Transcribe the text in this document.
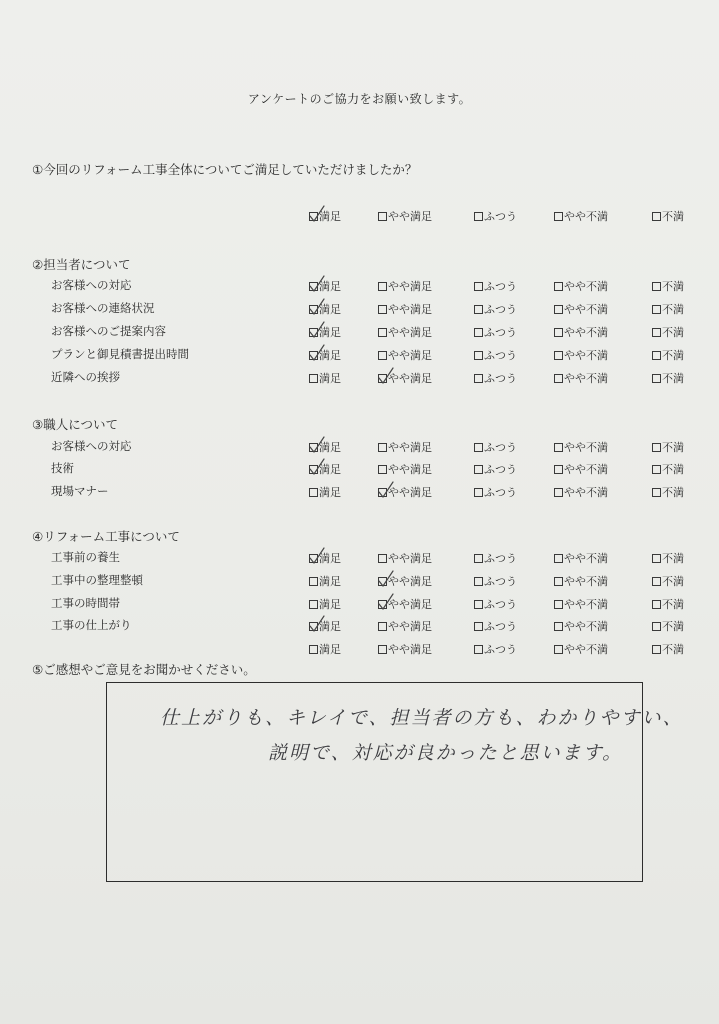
アンケートのご協力をお願い致します。
①今回のリフォーム工事全体についてご満足していただけましたか？
満足	やや満足	ふつう	やや不満	不満
②担当者について
お客様への対応	満足	やや満足	ふつう	やや不満	不満
お客様への連絡状況	満足	やや満足	ふつう	やや不満	不満
お客様へのご提案内容	満足	やや満足	ふつう	やや不満	不満
プランと御見積書提出時間	満足	やや満足	ふつう	やや不満	不満
近隣への挨拶	満足	やや満足	ふつう	やや不満	不満
③職人について
お客様への対応	満足	やや満足	ふつう	やや不満	不満
技術	満足	やや満足	ふつう	やや不満	不満
現場マナー	満足	やや満足	ふつう	やや不満	不満
④リフォーム工事について
工事前の養生	満足	やや満足	ふつう	やや不満	不満
工事中の整理整頓	満足	やや満足	ふつう	やや不満	不満
工事の時間帯	満足	やや満足	ふつう	やや不満	不満
工事の仕上がり	満足	やや満足	ふつう	やや不満	不満
満足	やや満足	ふつう	やや不満	不満
⑤ご感想やご意見をお聞かせください。
仕上がりも、キレイで、担当者の方も、わかりやすい、
説明で、対応が良かったと思います。
